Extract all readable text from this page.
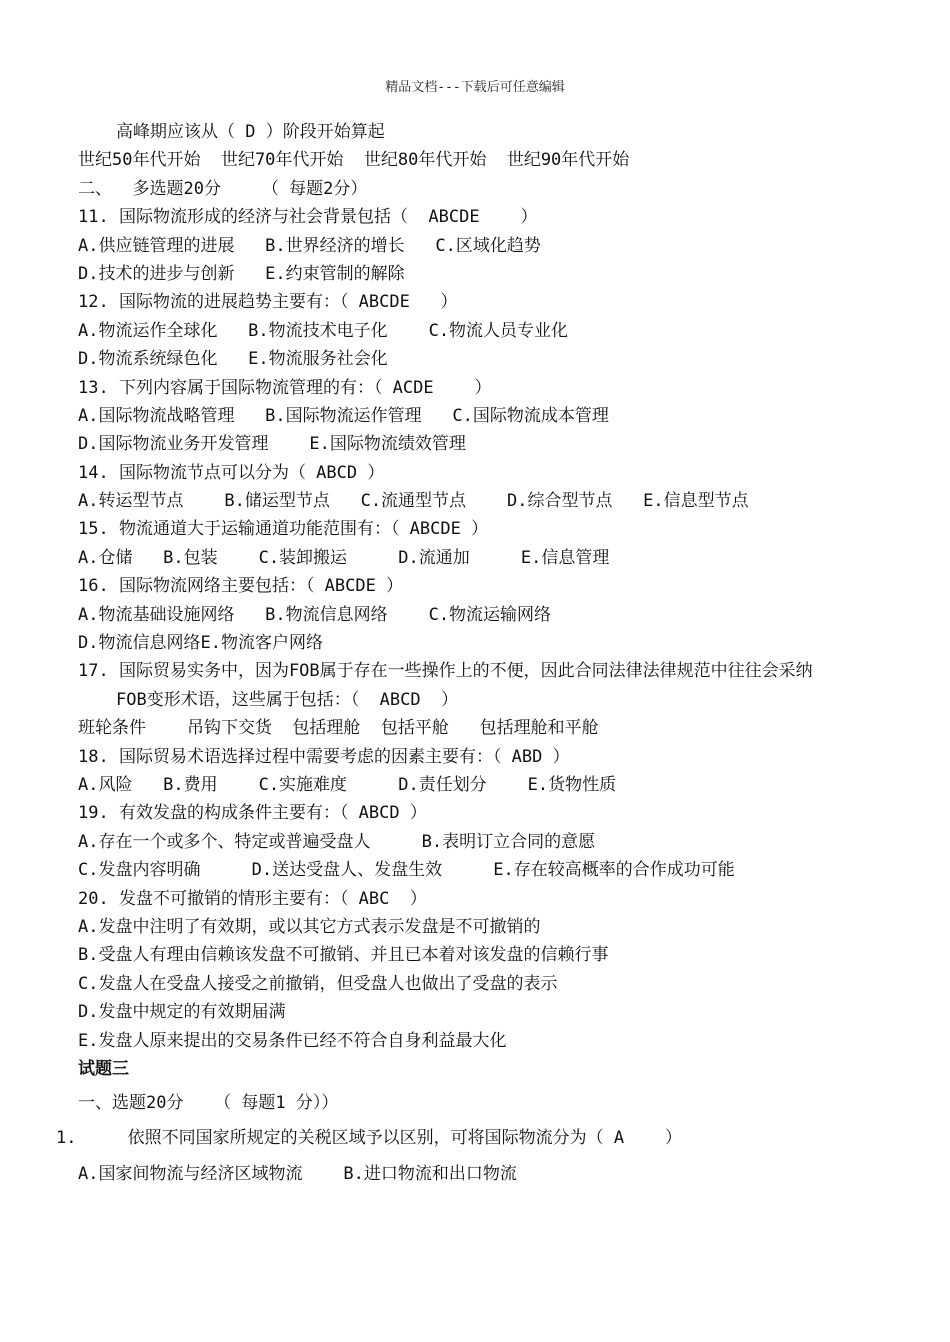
精品文档---下载后可任意编辑
高峰期应该从（ D ）阶段开始算起
世纪50年代开始  世纪70年代开始  世纪80年代开始  世纪90年代开始
二、  多选题20分    （ 每题2分）
11. 国际物流形成的经济与社会背景包括（  ABCDE    ）
A.供应链管理的进展   B.世界经济的增长   C.区域化趋势
D.技术的进步与创新   E.约束管制的解除
12. 国际物流的进展趋势主要有：（ ABCDE   ）
A.物流运作全球化   B.物流技术电子化    C.物流人员专业化
D.物流系统绿色化   E.物流服务社会化
13. 下列内容属于国际物流管理的有：（ ACDE    ）
A.国际物流战略管理   B.国际物流运作管理   C.国际物流成本管理
D.国际物流业务开发管理    E.国际物流绩效管理
14. 国际物流节点可以分为（ ABCD ）
A.转运型节点    B.储运型节点   C.流通型节点    D.综合型节点   E.信息型节点
15. 物流通道大于运输通道功能范围有：（ ABCDE ）
A.仓储   B.包装    C.装卸搬运     D.流通加     E.信息管理
16. 国际物流网络主要包括：（ ABCDE ）
A.物流基础设施网络   B.物流信息网络    C.物流运输网络
D.物流信息网络E.物流客户网络
17. 国际贸易实务中，因为FOB属于存在一些操作上的不便，因此合同法律法律规范中往往会采纳
FOB变形术语，这些属于包括：（  ABCD  ）
班轮条件    吊钩下交货  包括理舱  包括平舱   包括理舱和平舱
18. 国际贸易术语选择过程中需要考虑的因素主要有：（ ABD ）
A.风险   B.费用    C.实施难度     D.责任划分    E.货物性质
19. 有效发盘的构成条件主要有：（ ABCD ）
A.存在一个或多个、特定或普遍受盘人     B.表明订立合同的意愿
C.发盘内容明确     D.送达受盘人、发盘生效     E.存在较高概率的合作成功可能
20. 发盘不可撤销的情形主要有：（ ABC  ）
A.发盘中注明了有效期，或以其它方式表示发盘是不可撤销的
B.受盘人有理由信赖该发盘不可撤销、并且已本着对该发盘的信赖行事
C.发盘人在受盘人接受之前撤销，但受盘人也做出了受盘的表示
D.发盘中规定的有效期届满
E.发盘人原来提出的交易条件已经不符合自身利益最大化
试题三
一、选题20分   （ 每题1 分））
1.     依照不同国家所规定的关税区域予以区别，可将国际物流分为（ A    ）
A.国家间物流与经济区域物流    B.进口物流和出口物流
